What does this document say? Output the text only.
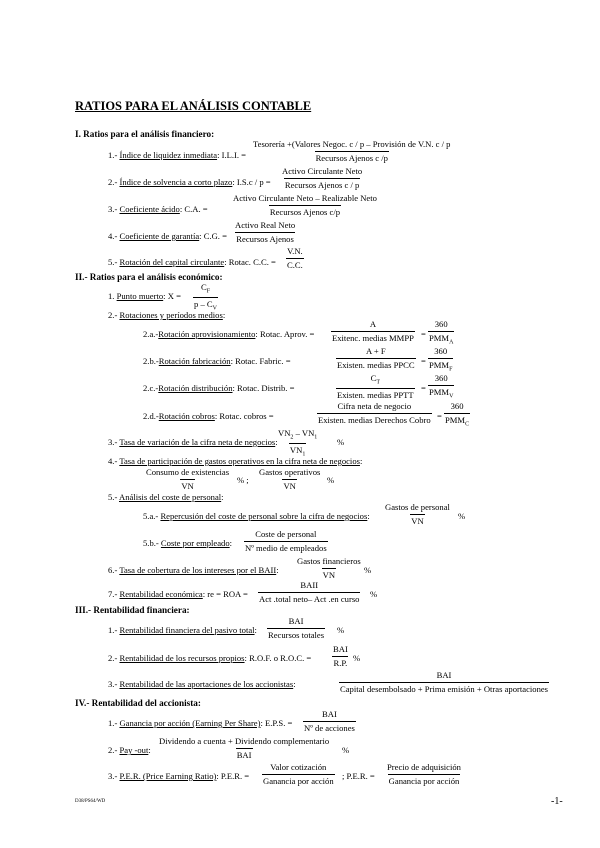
RATIOS PARA EL ANÁLISIS CONTABLE
I. Ratios para el análisis financiero:
1.- Índice de liquidez inmediata: I.L.I. =
Tesorería +(Valores Negoc. c / p – Provisión de V.N. c / p
Recursos Ajenos c /p
2.- Índice de solvencia a corto plazo: I.S.c / p =
Activo Circulante Neto
Recursos Ajenos c / p
3.- Coeficiente ácido: C.A. =
Activo Circulante Neto – Realizable Neto
Recursos Ajenos c/p
4.- Coeficiente de garantía: C.G. =
Activo Real Neto
Recursos Ajenos
5.- Rotación del capital circulante: Rotac. C.C. = $\frac{V.N.}{C.C.}$
II.- Ratios para el análisis económico:
1. Punto muerto: $X = \frac{C_F}{p - C_V}$
2.- Rotaciones y períodos medios:
2.a.-Rotación aprovisionamiento: Rotac. Aprov. =
A
Exitenc. medias MMPP =
360
$PMM_A$
2.b.-Rotación fabricación: Rotac. Fabric. =
A + F
Existen. medias PPCC =
360
$PMM_F$
2.c.-Rotación distribución: Rotac. Distrib. =
$C_T$
Existen. medias PPTT
=
360
$PMM_V$
2.d.-Rotación cobros: Rotac. cobros =
Cifra neta de negocio
Existen. medias Derechos Cobro =
360
$PMM_C$
3.- Tasa de variación de la cifra neta de negocios: $\frac{VN_2 - VN_1}{VN_1}$ %
4.- Tasa de participación de gastos operativos en la cifra neta de negocios:
Consumo de existencias
VN
% ;
Gastos operativos
VN
%
5.- Análisis del coste de personal:
5.a.- Repercusión del coste de personal sobre la cifra de negocios:
Gastos de personal
VN	%
5.b.- Coste por empleado:
Coste de personal
Nº medio de empleados
6.- Tasa de cobertura de los intereses por el BAII:
Gastos financieros
VN	%
7.- Rentabilidad económica: re = ROA =
BAII
Act .total neto– Act .en curso %
III.- Rentabilidad financiera:
1.- Rentabilidad financiera del pasivo total:
BAI
Recursos totales %
2.- Rentabilidad de los recursos propios: R.O.F. o R.O.C. =
BAI
R.P. %
3.- Rentabilidad de las aportaciones de los accionistas:
BAI
Capital desembolsado + Prima emisión + Otras aportaciones
IV.- Rentabilidad del accionista:
1.- Ganancia por acción (Earning Per Share): E.P.S. =
BAI
Nº de acciones
2.- Pay -out:
Dividendo a cuenta + Dividendo complementario
BAI	%
3.- P.E.R. (Price Earning Ratio): P.E.R. =
Valor cotización
Ganancia por acción ; P.E.R. =
Precio de adquisición
Ganancia por acción
D38/PS64/WD	-1-
